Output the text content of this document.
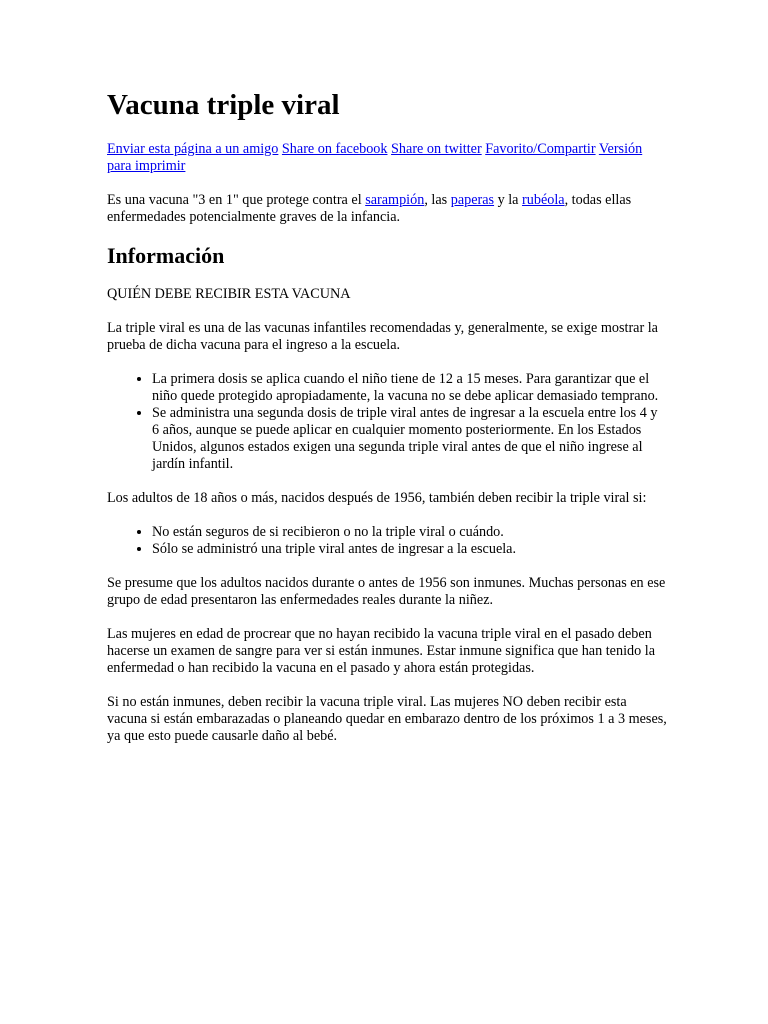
Vacuna triple viral
Enviar esta página a un amigo Share on facebook Share on twitter Favorito/Compartir Versión para imprimir

Es una vacuna "3 en 1" que protege contra el sarampión, las paperas y la rubéola, todas ellas enfermedades potencialmente graves de la infancia.

Información

QUIÉN DEBE RECIBIR ESTA VACUNA

La triple viral es una de las vacunas infantiles recomendadas y, generalmente, se exige mostrar la prueba de dicha vacuna para el ingreso a la escuela.

• La primera dosis se aplica cuando el niño tiene de 12 a 15 meses. Para garantizar que el niño quede protegido apropiadamente, la vacuna no se debe aplicar demasiado temprano.
• Se administra una segunda dosis de triple viral antes de ingresar a la escuela entre los 4 y 6 años, aunque se puede aplicar en cualquier momento posteriormente. En los Estados Unidos, algunos estados exigen una segunda triple viral antes de que el niño ingrese al jardín infantil.

Los adultos de 18 años o más, nacidos después de 1956, también deben recibir la triple viral si:

• No están seguros de si recibieron o no la triple viral o cuándo.
• Sólo se administró una triple viral antes de ingresar a la escuela.

Se presume que los adultos nacidos durante o antes de 1956 son inmunes. Muchas personas en ese grupo de edad presentaron las enfermedades reales durante la niñez.

Las mujeres en edad de procrear que no hayan recibido la vacuna triple viral en el pasado deben hacerse un examen de sangre para ver si están inmunes. Estar inmune significa que han tenido la enfermedad o han recibido la vacuna en el pasado y ahora están protegidas.

Si no están inmunes, deben recibir la vacuna triple viral. Las mujeres NO deben recibir esta vacuna si están embarazadas o planeando quedar en embarazo dentro de los próximos 1 a 3 meses, ya que esto puede causarle daño al bebé.
